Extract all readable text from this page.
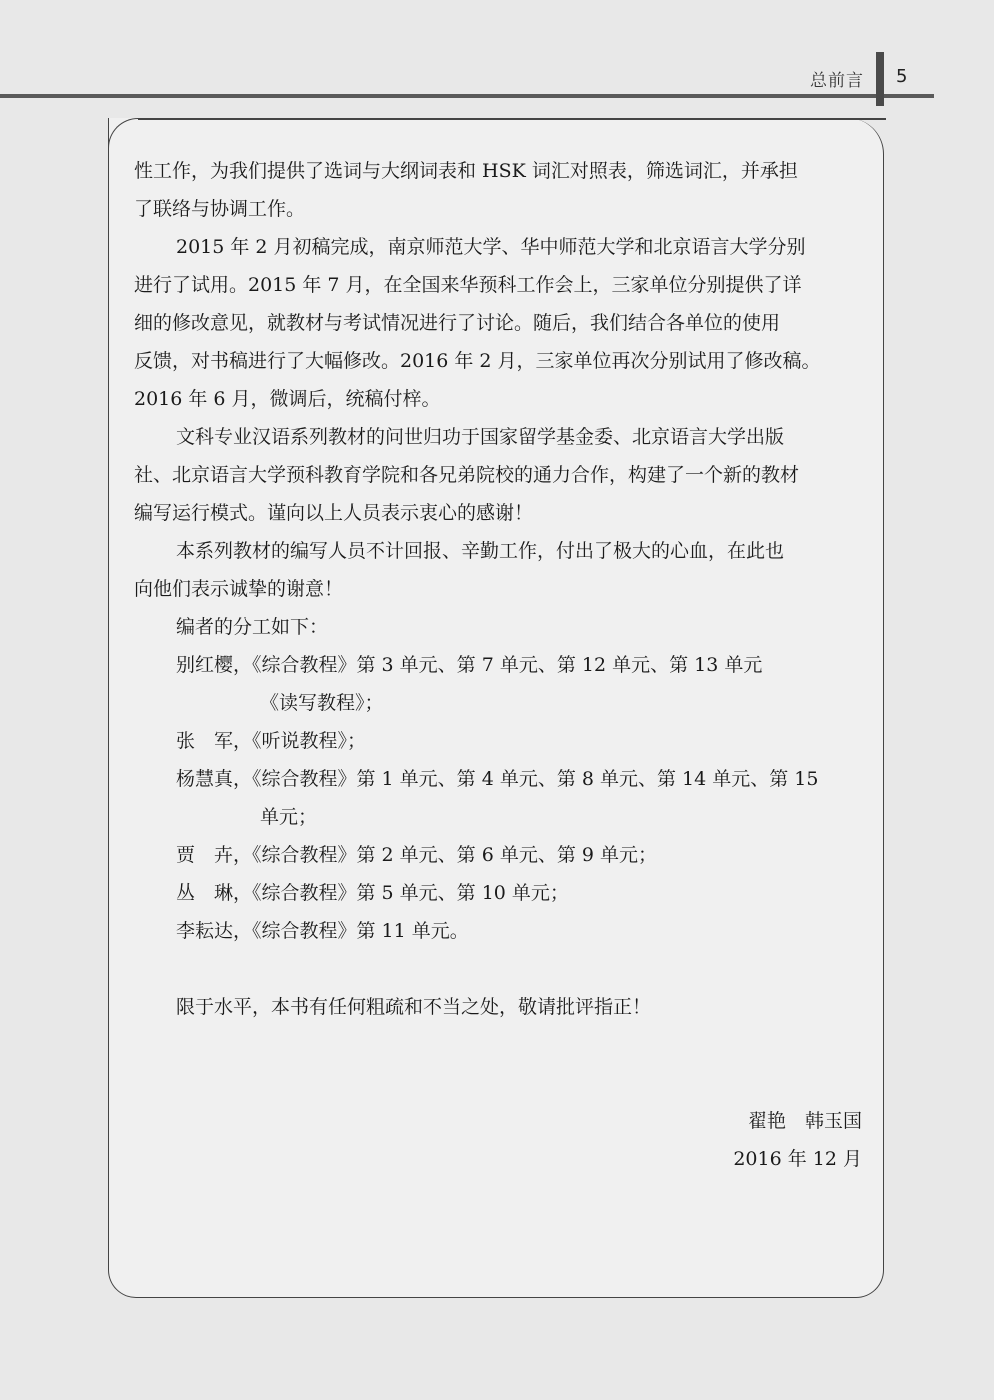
总前言 5

性工作，为我们提供了选词与大纲词表和 HSK 词汇对照表，筛选词汇，并承担

了联络与协调工作。

2015 年 2 月初稿完成，南京师范大学、华中师范大学和北京语言大学分别

进行了试用。2015 年 7 月，在全国来华预科工作会上，三家单位分别提供了详

细的修改意见，就教材与考试情况进行了讨论。随后，我们结合各单位的使用

反馈，对书稿进行了大幅修改。2016 年 2 月，三家单位再次分别试用了修改稿。

2016 年 6 月，微调后，统稿付梓。

文科专业汉语系列教材的问世归功于国家留学基金委、北京语言大学出版

社、北京语言大学预科教育学院和各兄弟院校的通力合作，构建了一个新的教材

编写运行模式。谨向以上人员表示衷心的感谢！

本系列教材的编写人员不计回报、辛勤工作，付出了极大的心血，在此也

向他们表示诚挚的谢意！

编者的分工如下：

别红樱，《综合教程》第 3 单元、第 7 单元、第 12 单元、第 13 单元

《读写教程》；

张　军，《听说教程》；

杨慧真，《综合教程》第 1 单元、第 4 单元、第 8 单元、第 14 单元、第 15

单元；

贾　卉，《综合教程》第 2 单元、第 6 单元、第 9 单元；

丛　琳，《综合教程》第 5 单元、第 10 单元；

李耘达，《综合教程》第 11 单元。

限于水平，本书有任何粗疏和不当之处，敬请批评指正！

翟艳　韩玉国

2016 年 12 月
